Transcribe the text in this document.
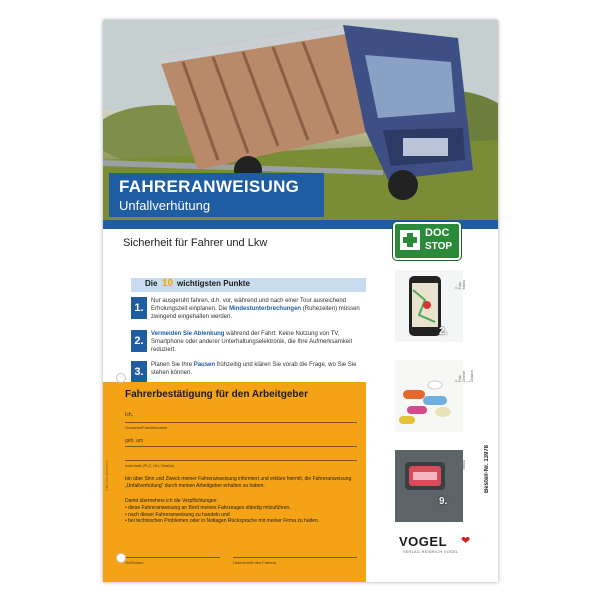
FAHRERANWEISUNG
Unfallverhütung
Sicherheit für Fahrer und Lkw
DOC
STOP
Die 10 wichtigsten Punkte
1.
Nur ausgeruht fahren, d.h. vor, während und nach einer Tour ausreichend Erholungszeit einplanen. Die Mindestunterbrechungen (Ruhezeiten) müssen zwingend eingehalten werden.
2.
Vermeiden Sie Ablenkung während der Fahrt: Keine Nutzung von TV, Smartphone oder anderer Unterhaltungselektronik, die Ihre Aufmerksamkeit reduziert.
3.
Planen Sie Ihre Pausen frühzeitig und klären Sie vorab die Frage, wo Sie Sie stehen können.
2.
© Foto: fotolia
© Foto: Zimmer | Obdach
9.
© Foto: fotolia	Bestell-Nr. 13978
VOGEL ❤
VERLAG HEINRICH VOGEL
Fahrerbestätigung für den Arbeitgeber
Ich,
Vorname/Familienname
geb. am
wohnhaft (PLZ, Ort, Straße)
bin über Sinn und Zweck meiner Fahreranweisung informiert und erkläre hiermit, die Fahreranweisung „Unfallverhütung“ durch meinen Arbeitgeber erhalten zu haben.
Damit übernehme ich die Verpflichtungen:
• diese Fahreranweisung an Bord meines Fahrzeuges ständig mitzuführen,
• nach dieser Fahreranweisung zu handeln und
• bei technischen Problemen oder in Notlagen Rücksprache mit meiner Firma zu halten.
Ort/Datum	Unterschrift des Fahrers
Bitte hier abtrennen
